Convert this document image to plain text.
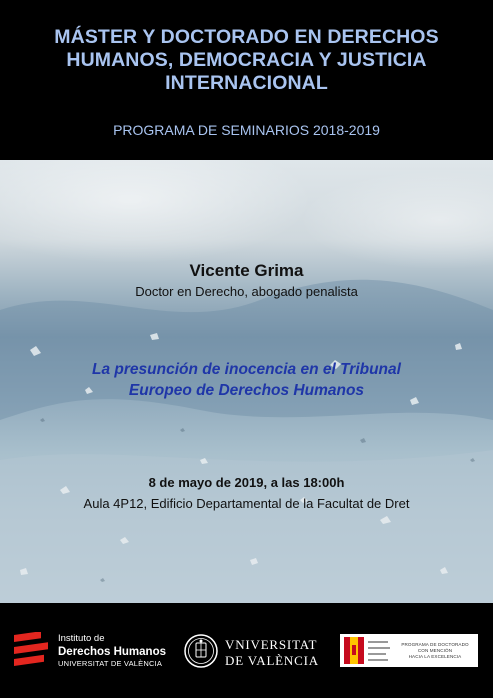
MÁSTER Y DOCTORADO EN DERECHOS
HUMANOS, DEMOCRACIA Y JUSTICIA
INTERNACIONAL
PROGRAMA DE SEMINARIOS 2018-2019
Vicente Grima
Doctor en Derecho, abogado penalista
La presunción de inocencia en el Tribunal
Europeo de Derechos Humanos
8 de mayo de 2019, a las 18:00h
Aula 4P12, Edificio Departamental de la Facultat de Dret
Instituto de
Derechos Humanos
UNIVERSITAT DE VALÈNCIA
VNIVERSITAT
DE VALÈNCIA
PROGRAMA DE DOCTORADO
CON MENCIÓN
HACIA LA EXCELENCIA
